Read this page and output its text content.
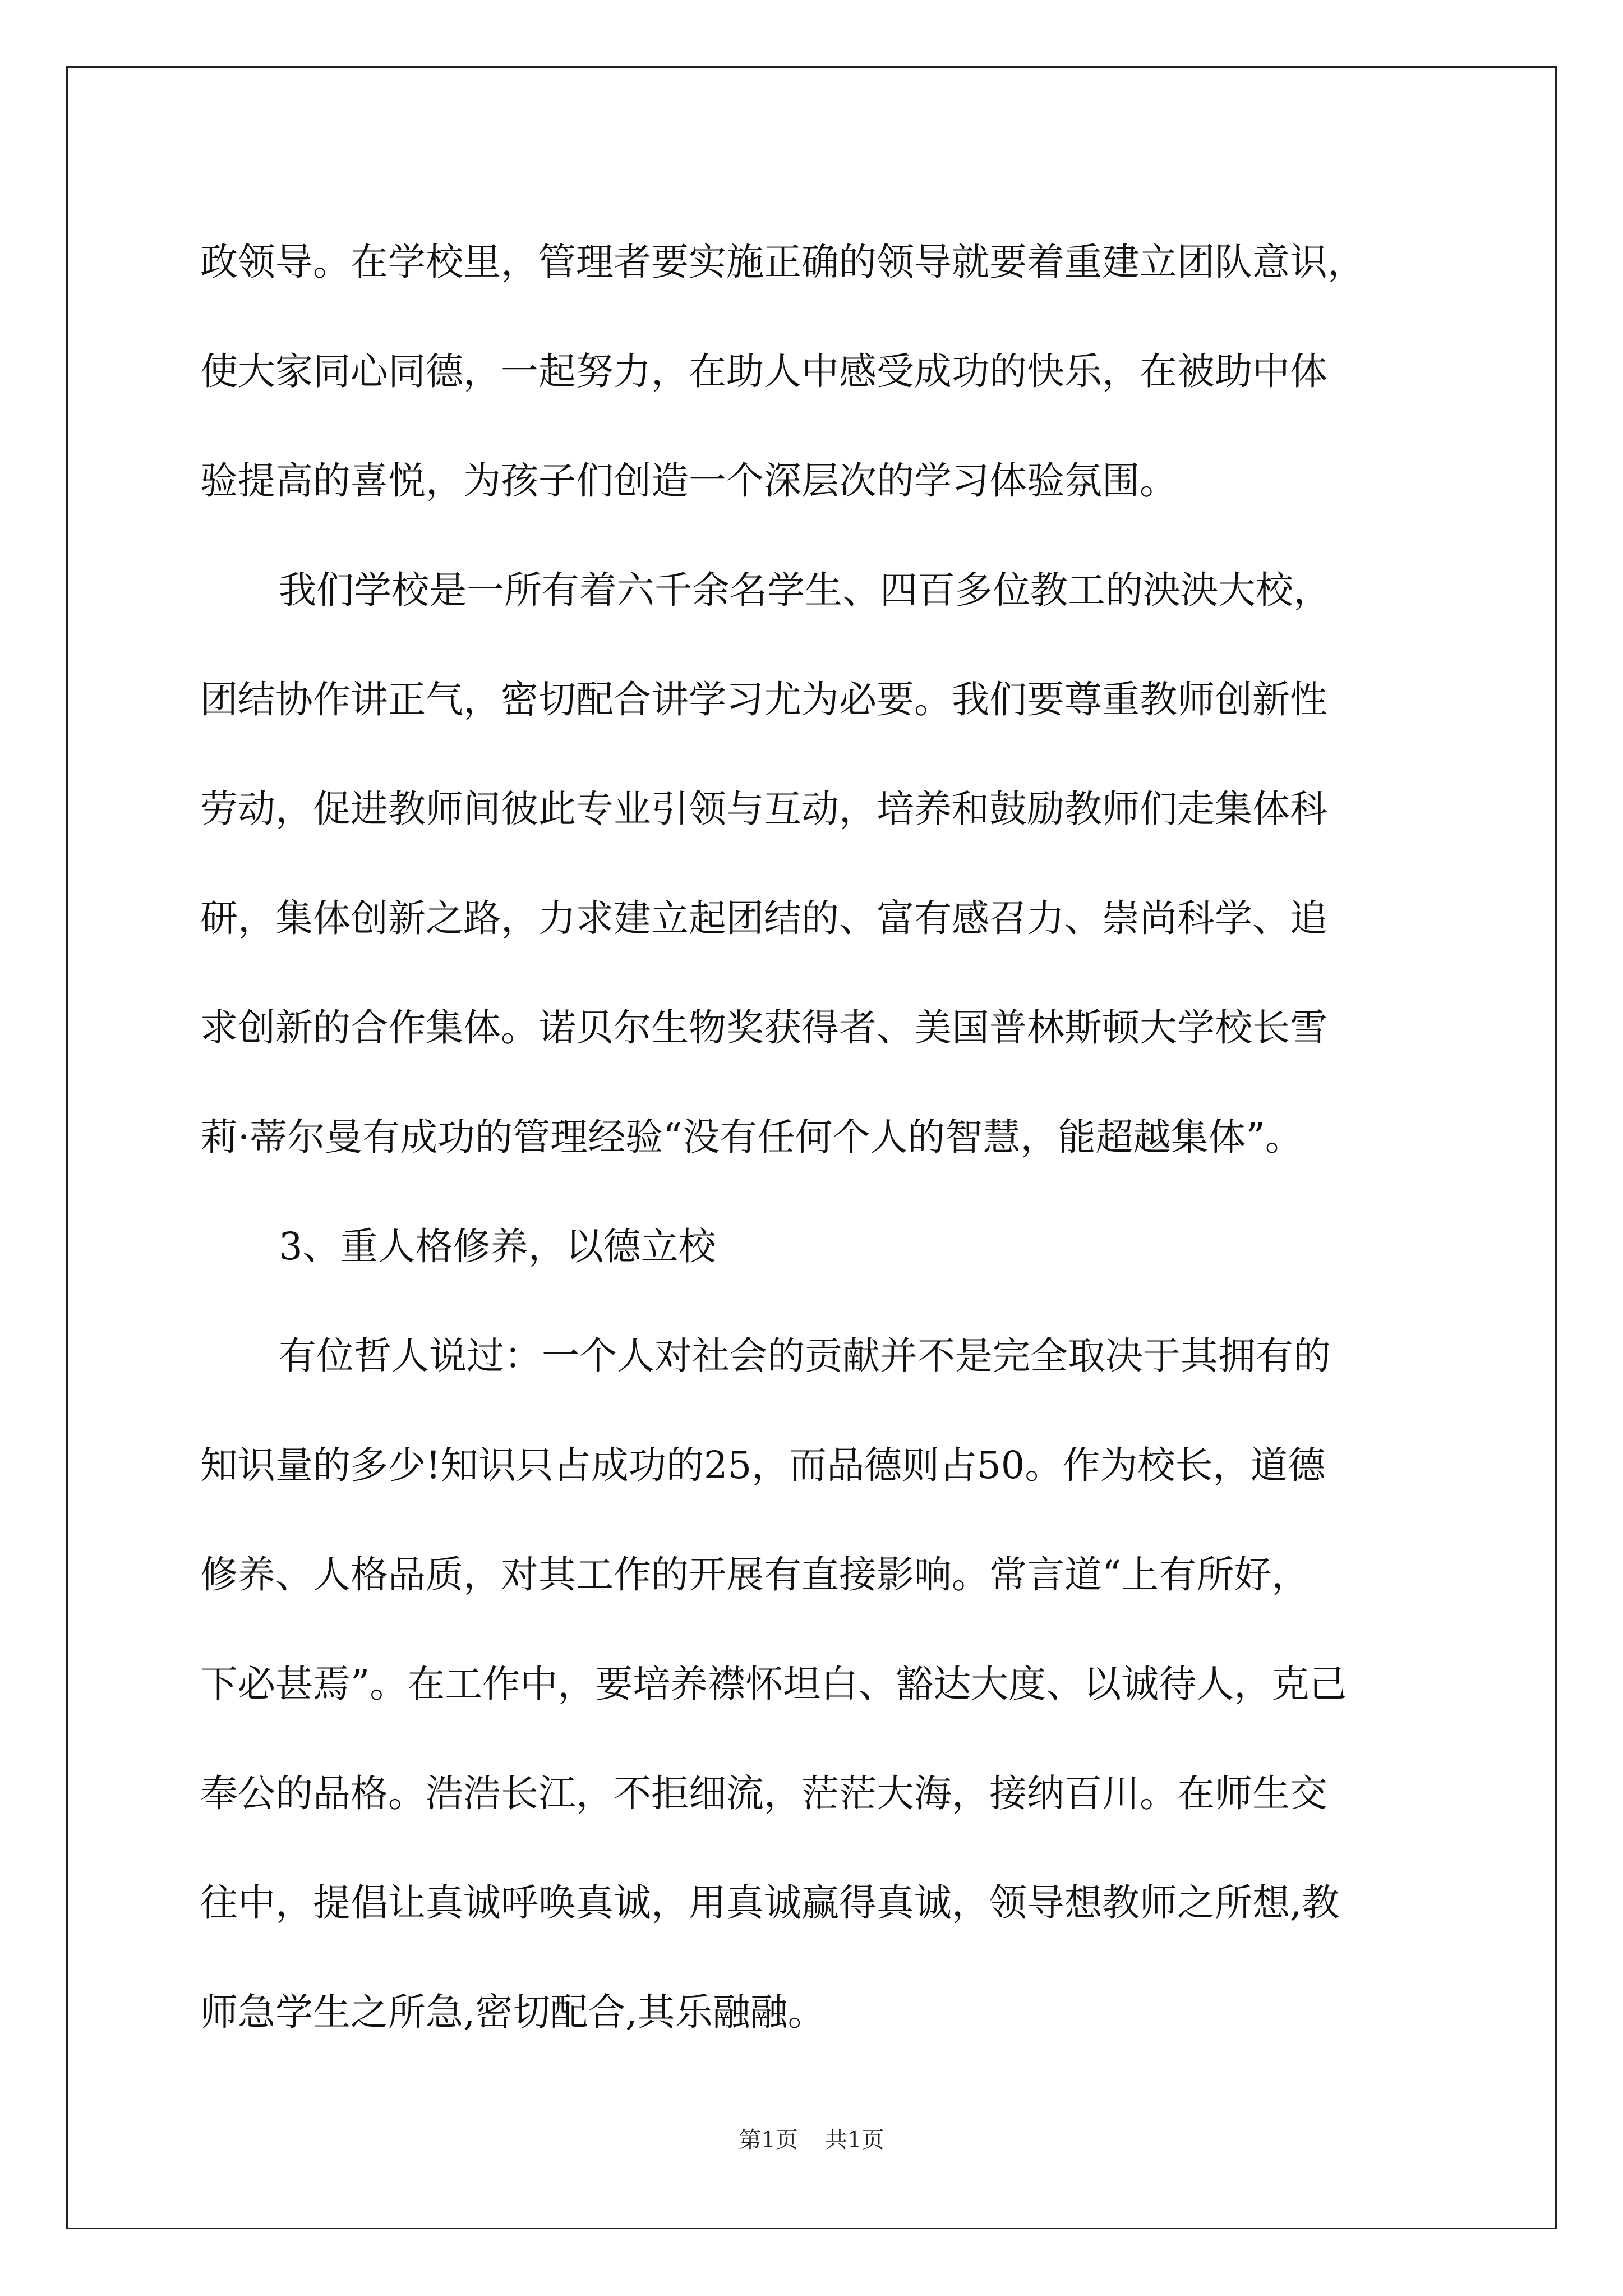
政领导。在学校里，管理者要实施正确的领导就要着重建立团队意识，
使大家同心同德，一起努力，在助人中感受成功的快乐，在被助中体
验提高的喜悦，为孩子们创造一个深层次的学习体验氛围。
我们学校是一所有着六千余名学生、四百多位教工的泱泱大校，
团结协作讲正气，密切配合讲学习尤为必要。我们要尊重教师创新性
劳动，促进教师间彼此专业引领与互动，培养和鼓励教师们走集体科
研，集体创新之路，力求建立起团结的、富有感召力、崇尚科学、追
求创新的合作集体。诺贝尔生物奖获得者、美国普林斯顿大学校长雪
莉·蒂尔曼有成功的管理经验“没有任何个人的智慧，能超越集体”。
3、重人格修养，以德立校
有位哲人说过：一个人对社会的贡献并不是完全取决于其拥有的
知识量的多少!知识只占成功的25，而品德则占50。作为校长，道德
修养、人格品质，对其工作的开展有直接影响。常言道“上有所好，
下必甚焉”。在工作中，要培养襟怀坦白、豁达大度、以诚待人，克己
奉公的品格。浩浩长江，不拒细流，茫茫大海，接纳百川。在师生交
往中，提倡让真诚呼唤真诚，用真诚赢得真诚，领导想教师之所想,教
师急学生之所急,密切配合,其乐融融。
第1页 共1页
